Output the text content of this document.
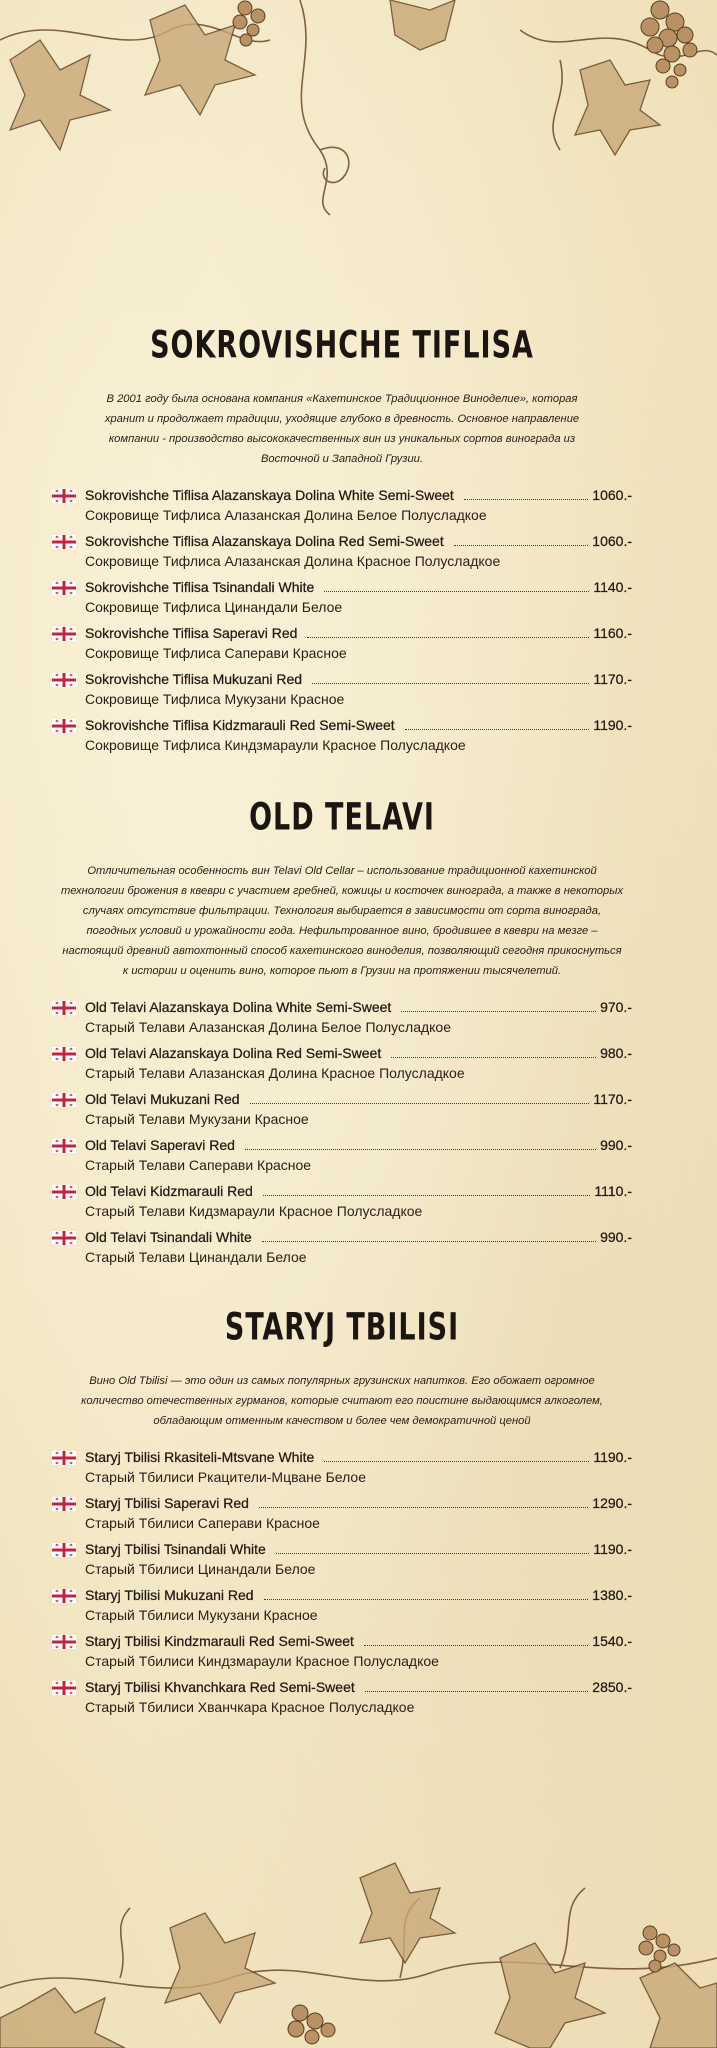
SOKROVISHCHE TIFLISA

В 2001 году была основана компания «Кахетинское Традиционное Виноделие», которая хранит и продолжает традиции, уходящие глубоко в древность. Основное направление компании - производство высококачественных вин из уникальных сортов винограда из Восточной и Западной Грузии.

Sokrovishche Tiflisa Alazanskaya Dolina White Semi-Sweet	1060.-
Сокровище Тифлиса Алазанская Долина Белое Полусладкое
Sokrovishche Tiflisa Alazanskaya Dolina Red Semi-Sweet	1060.-
Сокровище Тифлиса Алазанская Долина Красное Полусладкое
Sokrovishche Tiflisa Tsinandali White	1140.-
Сокровище Тифлиса Цинандали Белое
Sokrovishche Tiflisa Saperavi Red	1160.-
Сокровище Тифлиса Саперави Красное
Sokrovishche Tiflisa Mukuzani Red	1170.-
Сокровище Тифлиса Мукузани Красное
Sokrovishche Tiflisa Kidzmarauli Red Semi-Sweet	1190.-
Сокровище Тифлиса Киндзмараули Красное Полусладкое
OLD TELAVI

Отличительная особенность вин Telavi Old Cellar – использование традиционной кахетинской технологии брожения в квеври с участием гребней, кожицы и косточек винограда, а также в некоторых случаях отсутствие фильтрации. Технология выбирается в зависимости от сорта винограда, погодных условий и урожайности года. Нефильтрованное вино, бродившее в квеври на мезге – настоящий древний автохтонный способ кахетинского виноделия, позволяющий сегодня прикоснуться к истории и оценить вино, которое пьют в Грузии на протяжении тысячелетий.

Old Telavi Alazanskaya Dolina White Semi-Sweet	970.-
Старый Телави Алазанская Долина Белое Полусладкое
Old Telavi Alazanskaya Dolina Red Semi-Sweet	980.-
Старый Телави Алазанская Долина Красное Полусладкое
Old Telavi Mukuzani Red	1170.-
Старый Телави Мукузани Красное
Old Telavi Saperavi Red	990.-
Старый Телави Саперави Красное
Old Telavi Kidzmarauli Red	1110.-
Старый Телави Кидзмараули Красное Полусладкое
Old Telavi Tsinandali White	990.-
Старый Телави Цинандали Белое
STARYJ TBILISI

Вино Old Tbilisi — это один из самых популярных грузинских напитков. Его обожает огромное количество отечественных гурманов, которые считают его поистине выдающимся алкоголем, обладающим отменным качеством и более чем демократичной ценой

Staryj Tbilisi Rkasiteli-Mtsvane White	1190.-
Старый Тбилиси Ркацители-Мцване Белое
Staryj Tbilisi Saperavi Red	1290.-
Старый Тбилиси Саперави Красное
Staryj Tbilisi Tsinandali White	1190.-
Старый Тбилиси Цинандали Белое
Staryj Tbilisi Mukuzani Red	1380.-
Старый Тбилиси Мукузани Красное
Staryj Tbilisi Kindzmarauli Red Semi-Sweet	1540.-
Старый Тбилиси Киндзмараули Красное Полусладкое
Staryj Tbilisi Khvanchkara Red Semi-Sweet	2850.-
Старый Тбилиси Хванчкара Красное Полусладкое
